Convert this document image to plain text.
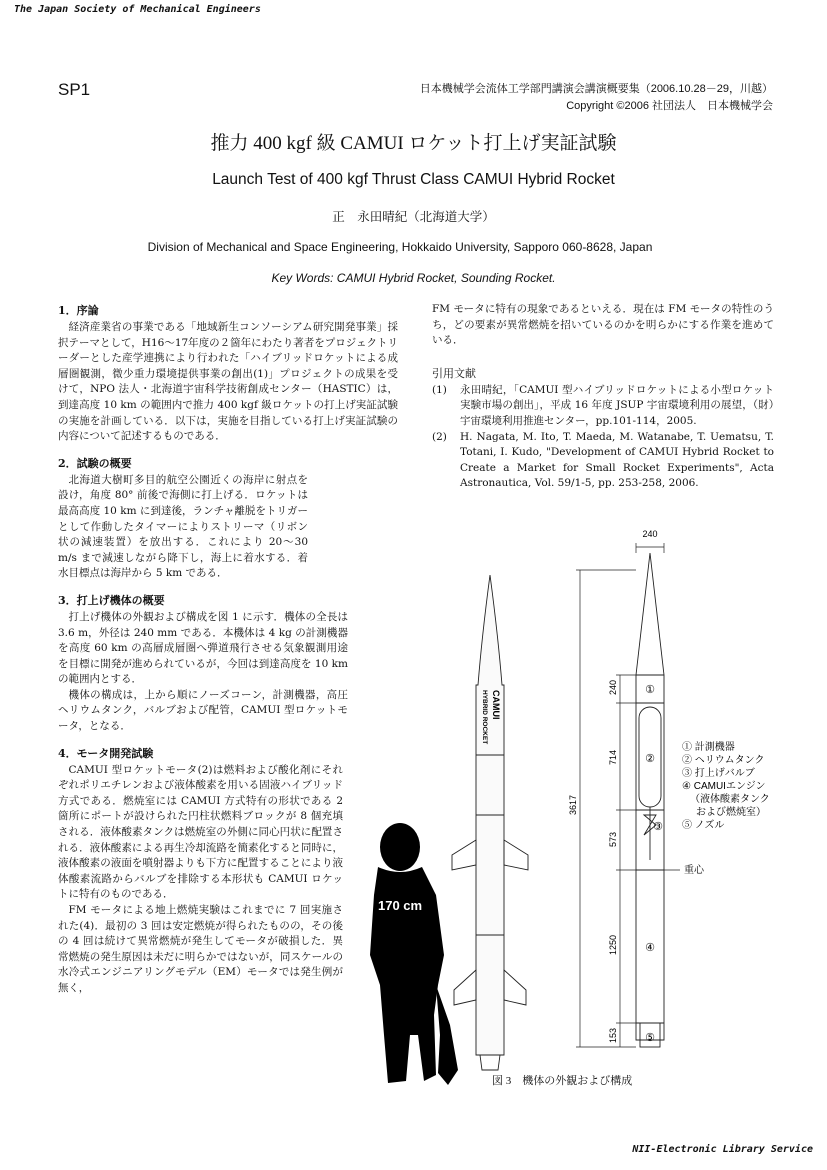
The Japan Society of Mechanical Engineers
NII-Electronic Library Service
SP1	日本機械学会流体工学部門講演会講演概要集（2006.10.28－29，川越）
Copyright ©2006 社団法人　日本機械学会
推力 400 kgf 級 CAMUI ロケット打上げ実証試験
Launch Test of 400 kgf Thrust Class CAMUI Hybrid Rocket
正　永田晴紀（北海道大学）
Division of Mechanical and Space Engineering, Hokkaido University, Sapporo 060-8628, Japan
Key Words: CAMUI Hybrid Rocket, Sounding Rocket.
1．序論

経済産業省の事業である「地域新生コンソーシアム研究開発事業」採択テーマとして，H16～17年度の２箇年にわたり著者をプロジェクトリーダーとした産学連携により行われた「ハイブリッドロケットによる成層圏観測，微少重力環境提供事業の創出(1)」プロジェクトの成果を受けて，NPO 法人・北海道宇宙科学技術創成センター（HASTIC）は，到達高度 10 km の範囲内で推力 400 kgf 級ロケットの打上げ実証試験の実施を計画している．以下は，実施を目指している打上げ実証試験の内容について記述するものである．

2．試験の概要

北海道大樹町多目的航空公園近くの海岸に射点を設け，角度 80° 前後で海側に打上げる．ロケットは最高高度 10 km に到達後，ランチャ離脱をトリガーとして作動したタイマーによりストリーマ（リボン状の減速装置）を放出する．これにより 20～30 m/s まで減速しながら降下し，海上に着水する．着水目標点は海岸から 5 km である．

3．打上げ機体の概要

打上げ機体の外観および構成を図 1 に示す．機体の全長は 3.6 m，外径は 240 mm である．本機体は 4 kg の計測機器を高度 60 km の高層成層圏へ弾道飛行させる気象観測用途を目標に開発が進められているが，今回は到達高度を 10 km の範囲内とする．

機体の構成は，上から順にノーズコーン，計測機器，高圧ヘリウムタンク，バルブおよび配管，CAMUI 型ロケットモータ，となる．

4．モータ開発試験

CAMUI 型ロケットモータ(2)は燃料および酸化剤にそれぞれポリエチレンおよび液体酸素を用いる固液ハイブリッド方式である．燃焼室には CAMUI 方式特有の形状である 2 箇所にポートが設けられた円柱状燃料ブロックが 8 個充填される．液体酸素タンクは燃焼室の外側に同心円状に配置される．液体酸素による再生冷却流路を簡素化すると同時に，液体酸素の液面を噴射器よりも下方に配置することにより液体酸素流路からバルブを排除する本形状も CAMUI ロケットに特有のものである．

FM モータによる地上燃焼実験はこれまでに 7 回実施された(4)．最初の 3 回は安定燃焼が得られたものの，その後の 4 回は続けて異常燃焼が発生してモータが破損した．異常燃焼の発生原因は未だに明らかではないが，同スケールの水冷式エンジニアリングモデル（EM）モータでは発生例が無く，

FM モータに特有の現象であるといえる．現在は FM モータの特性のうち，どの要素が異常燃焼を招いているのかを明らかにする作業を進めている．

引用文献
(1)	永田晴紀，「CAMUI 型ハイブリッドロケットによる小型ロケット実験市場の創出」，平成 16 年度 JSUP 宇宙環境利用の展望，（財）宇宙環境利用推進センター，pp.101-114，2005.
(2)	H. Nagata, M. Ito, T. Maeda, M. Watanabe, T. Uematsu, T. Totani, I. Kudo, "Development of CAMUI Hybrid Rocket to Create a Market for Small Rocket Experiments", Acta Astronautica, Vol. 59/1-5, pp. 253-258, 2006.
170 cm
CAMUI
HYBRID ROCKET
240
3617
240
714
573
1250
153
①
②
③
④
⑤
重心
① 計測機器
② ヘリウムタンク
③ 打上げバルブ
④ CAMUIエンジン
（液体酸素タンク
および燃焼室）
⑤ ノズル
図 3　機体の外観および構成
